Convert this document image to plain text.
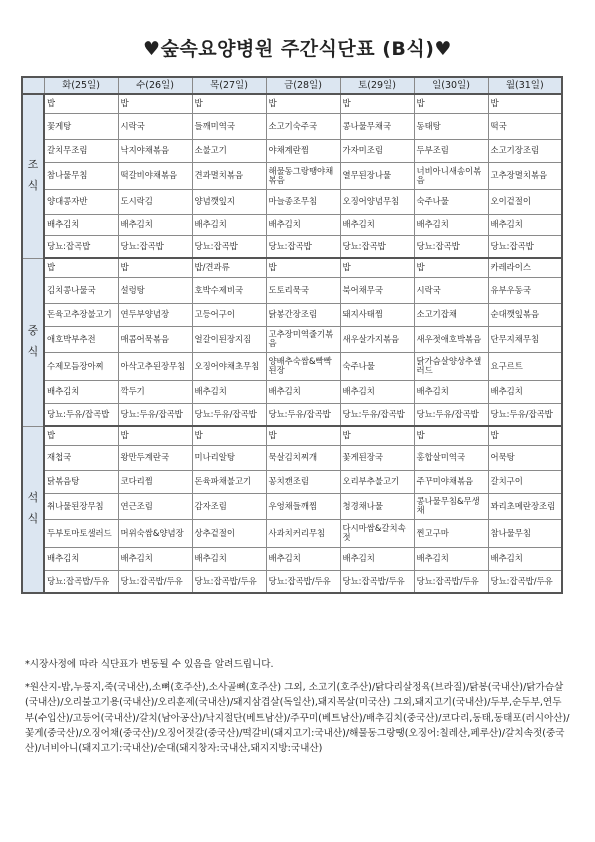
♥숲속요양병원 주간식단표 (B식)♥
	화(25일)	수(26일)	목(27일)	금(28일)	토(29일)	일(30일)	월(31일)
조
식	밥	밥	밥	밥	밥	밥	밥
	꽃게탕	시락국	들깨미역국	소고기숙주국	콩나물무채국	동태탕	떡국
	갈치무조림	낙지야채볶음	소불고기	야채계란찜	가자미조림	두부조림	소고기장조림
	참나물무침	떡갈비야채볶음	견과멸치볶음	해물동그랑땡야채볶음	열무된장나물	너비아니새송이볶음	고추장멸치볶음
	양대콩자반	도시락김	양념깻잎지	마늘종조무침	오징어양념무침	숙주나물	오이겉절이
	배추김치	배추김치	배추김치	배추김치	배추김치	배추김치	배추김치
	당뇨:잡곡밥	당뇨:잡곡밥	당뇨:잡곡밥	당뇨:잡곡밥	당뇨:잡곡밥	당뇨:잡곡밥	당뇨:잡곡밥
중
식	밥	밥	밥/견과류	밥	밥	밥	카레라이스
	김치콩나물국	설렁탕	호박수제비국	도토리묵국	북어채무국	시락국	유부우동국
	돈육고추장불고기	연두부양념장	고등어구이	닭봉간장조림	돼지사태찜	소고기잡채	순대깻잎볶음
	애호박부추전	매콤어묵볶음	얼갈이된장지짐	고추장미역줄기볶음	새우살가지볶음	새우젓애호박볶음	단무지채무침
	수제모듬장아찌	아삭고추된장무침	오징어야채초무침	양배추숙쌈&빡빡된장	숙주나물	닭가슴살양상추샐러드	요구르트
	배추김치	깍두기	배추김치	배추김치	배추김치	배추김치	배추김치
	당뇨:두유/잡곡밥	당뇨:두유/잡곡밥	당뇨:두유/잡곡밥	당뇨:두유/잡곡밥	당뇨:두유/잡곡밥	당뇨:두유/잡곡밥	당뇨:두유/잡곡밥
석
식	밥	밥	밥	밥	밥	밥	밥
	재첩국	왕만두계란국	미나리알탕	묵살김치찌개	꽃게된장국	홍합살미역국	어묵탕
	닭볶음탕	코다리찜	돈육파채불고기	꽁치캔조림	오리부추불고기	주꾸미야채볶음	갈치구이
	취나물된장무침	연근조림	감자조림	우엉채들깨찜	청경채나물	콩나물무침&무생채	꽈리초메란장조림
	두부토마토샐러드	머위숙쌈&양념장	상추겉절이	사과치커리무침	다시마쌈&갈치속젓	찐고구마	참나물무침
	배추김치	배추김치	배추김치	배추김치	배추김치	배추김치	배추김치
	당뇨:잡곡밥/두유	당뇨:잡곡밥/두유	당뇨:잡곡밥/두유	당뇨:잡곡밥/두유	당뇨:잡곡밥/두유	당뇨:잡곡밥/두유	당뇨:잡곡밥/두유
*시장사정에 따라 식단표가 변동될 수 있음을 알려드립니다.
*원산지-밥,누룽지,죽(국내산),소뼈(호주산),소사골뼈(호주산) 그외, 소고기(호주산)/닭다리살정육(브라질)/닭봉(국내산)/닭가슴살(국내산)/오리불고기용(국내산)/오리훈제(국내산)/돼지삼겹살(독일산),돼지목살(미국산) 그외,돼지고기(국내산)/두부,순두부,연두부(수입산)/고등어(국내산)/갈치(남아공산)/낙지절단(베트남산)/주꾸미(베트남산)/배추김치(중국산)/코다리,동태,동태포(러시아산)/꽃게(중국산)/오징어채(중국산)/오징어젓갈(중국산)/떡갈비(돼지고기:국내산)/해물동그랑땡(오징어:칠레산,페루산)/갈치속젓(중국산)/너비아니(돼지고기:국내산)/순대(돼지창자:국내산,돼지지방:국내산)
